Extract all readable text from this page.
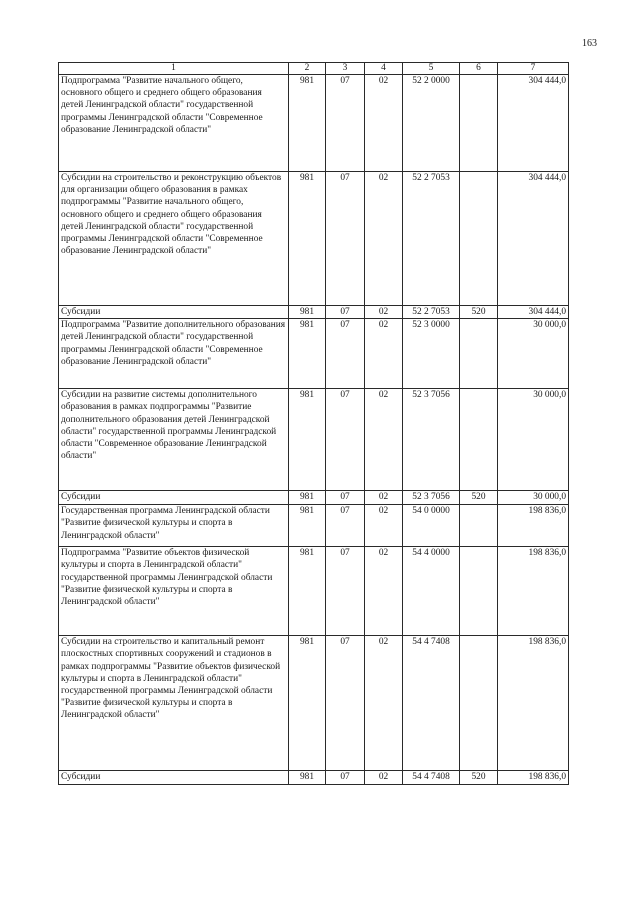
163
1	2	3	4	5	6	7
Подпрограмма "Развитие начального общего, основного общего и среднего общего образования детей Ленинградской области" государственной программы Ленинградской области "Современное образование Ленинградской области"	981	07	02	52 2 0000		304 444,0
Субсидии на строительство и реконструкцию объектов для организации общего образования в рамках подпрограммы "Развитие начального общего, основного общего и среднего общего образования детей Ленинградской области" государственной программы Ленинградской области "Современное образование Ленинградской области"	981	07	02	52 2 7053		304 444,0
Субсидии	981	07	02	52 2 7053	520	304 444,0
Подпрограмма "Развитие дополнительного образования детей Ленинградской области" государственной программы Ленинградской области "Современное образование Ленинградской области"	981	07	02	52 3 0000		30 000,0
Субсидии на развитие системы дополнительного образования в рамках подпрограммы "Развитие дополнительного образования детей Ленинградской области" государственной программы Ленинградской области "Современное образование Ленинградской области"	981	07	02	52 3 7056		30 000,0
Субсидии	981	07	02	52 3 7056	520	30 000,0
Государственная программа Ленинградской области "Развитие физической культуры и спорта в Ленинградской области"	981	07	02	54 0 0000		198 836,0
Подпрограмма "Развитие объектов физической культуры и спорта в Ленинградской области" государственной программы Ленинградской области "Развитие физической культуры и спорта в Ленинградской области"	981	07	02	54 4 0000		198 836,0
Субсидии на строительство и капитальный ремонт плоскостных спортивных сооружений и стадионов в рамках подпрограммы "Развитие объектов физической культуры и спорта в Ленинградской области" государственной программы Ленинградской области "Развитие физической культуры и спорта в Ленинградской области"	981	07	02	54 4 7408		198 836,0
Субсидии	981	07	02	54 4 7408	520	198 836,0
